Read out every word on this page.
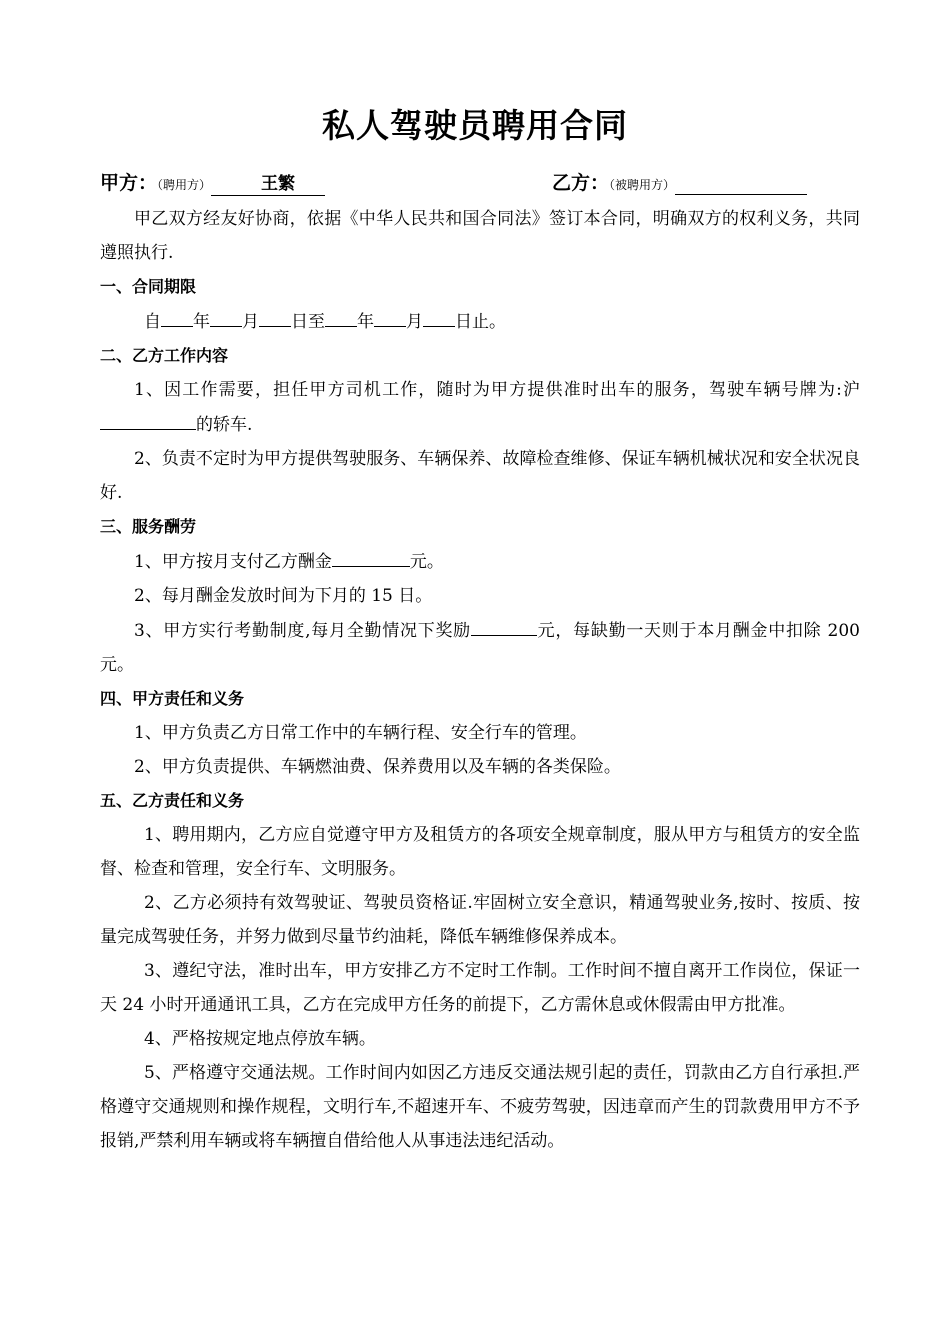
私人驾驶员聘用合同
甲方：（聘用方）	王繁	乙方：（被聘用方）

甲乙双方经友好协商，依据《中华人民共和国合同法》签订本合同，明确双方的权利义务，共同遵照执行.

一、合同期限

自 年 月 日至 年 月 日止。

二、乙方工作内容

1、因工作需要，担任甲方司机工作，随时为甲方提供准时出车的服务，驾驶车辆号牌为:沪的轿车.

2、负责不定时为甲方提供驾驶服务、车辆保养、故障检查维修、保证车辆机械状况和安全状况良好.

三、服务酬劳

1、甲方按月支付乙方酬金	元。

2、每月酬金发放时间为下月的 15 日。

3、甲方实行考勤制度,每月全勤情况下奖励	元，每缺勤一天则于本月酬金中扣除 200 元。

四、甲方责任和义务

1、甲方负责乙方日常工作中的车辆行程、安全行车的管理。

2、甲方负责提供、车辆燃油费、保养费用以及车辆的各类保险。

五、乙方责任和义务

1、聘用期内，乙方应自觉遵守甲方及租赁方的各项安全规章制度，服从甲方与租赁方的安全监督、检查和管理，安全行车、文明服务。

2、乙方必须持有效驾驶证、驾驶员资格证.牢固树立安全意识，精通驾驶业务,按时、按质、按量完成驾驶任务，并努力做到尽量节约油耗，降低车辆维修保养成本。

3、遵纪守法，准时出车，甲方安排乙方不定时工作制。工作时间不擅自离开工作岗位，保证一天 24 小时开通通讯工具，乙方在完成甲方任务的前提下，乙方需休息或休假需由甲方批准。

4、严格按规定地点停放车辆。

5、严格遵守交通法规。工作时间内如因乙方违反交通法规引起的责任，罚款由乙方自行承担.严格遵守交通规则和操作规程，文明行车,不超速开车、不疲劳驾驶，因违章而产生的罚款费用甲方不予报销,严禁利用车辆或将车辆擅自借给他人从事违法违纪活动。
